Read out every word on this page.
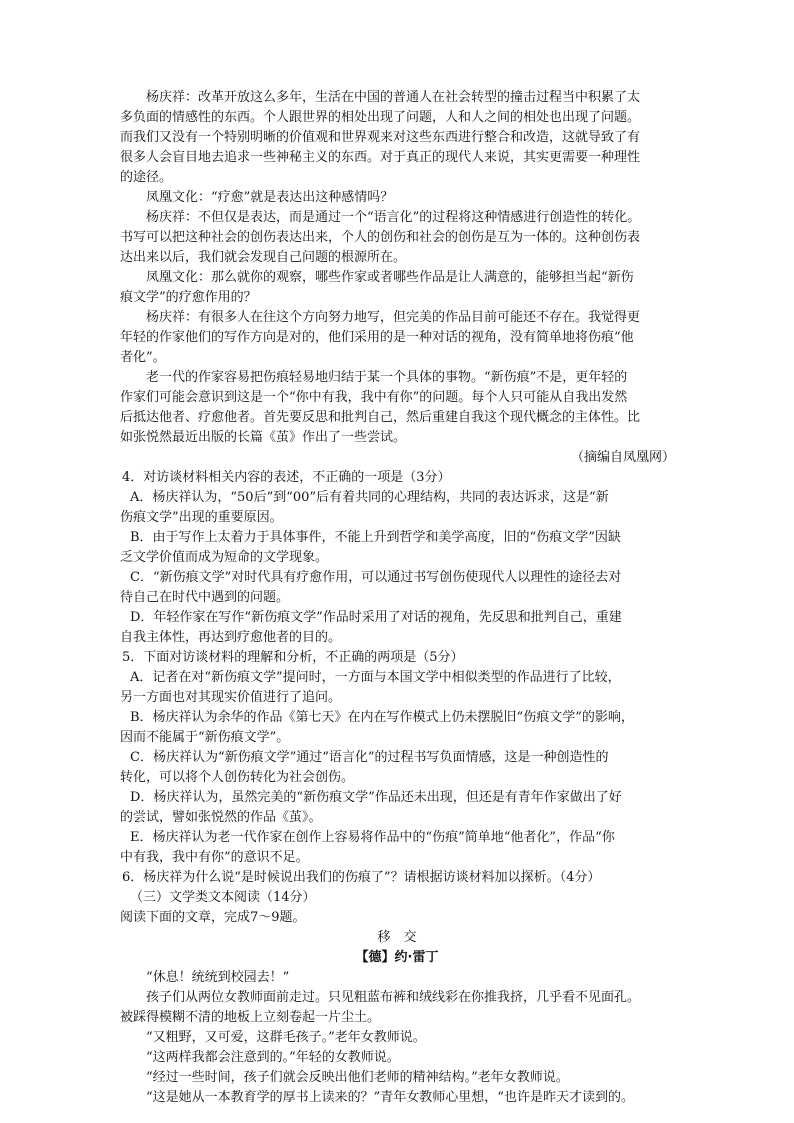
杨庆祥：改革开放这么多年，生活在中国的普通人在社会转型的撞击过程当中积累了太
多负面的情感性的东西。个人跟世界的相处出现了问题，人和人之间的相处也出现了问题。
而我们又没有一个特别明晰的价值观和世界观来对这些东西进行整合和改造，这就导致了有
很多人会盲目地去追求一些神秘主义的东西。对于真正的现代人来说，其实更需要一种理性
的途径。
凤凰文化：“疗愈”就是表达出这种感情吗？
杨庆祥：不但仅是表达，而是通过一个“语言化”的过程将这种情感进行创造性的转化。
书写可以把这种社会的创伤表达出来，个人的创伤和社会的创伤是互为一体的。这种创伤表
达出来以后，我们就会发现自己问题的根源所在。
凤凰文化：那么就你的观察，哪些作家或者哪些作品是让人满意的，能够担当起“新伤
痕文学”的疗愈作用的？
杨庆祥：有很多人在往这个方向努力地写，但完美的作品目前可能还不存在。我觉得更
年轻的作家他们的写作方向是对的，他们采用的是一种对话的视角，没有简单地将伤痕“他
者化”。
老一代的作家容易把伤痕轻易地归结于某一个具体的事物。“新伤痕”不是，更年轻的
作家们可能会意识到这是一个“你中有我，我中有你”的问题。每个人只可能从自我出发然
后抵达他者、疗愈他者。首先要反思和批判自己，然后重建自我这个现代概念的主体性。比
如张悦然最近出版的长篇《茧》作出了一些尝试。
（摘编自凤凰网）
4．对访谈材料相关内容的表述，不正确的一项是（3分）
A．杨庆祥认为，“50后”到“00”后有着共同的心理结构，共同的表达诉求，这是“新
伤痕文学”出现的重要原因。
B．由于写作上太着力于具体事件，不能上升到哲学和美学高度，旧的“伤痕文学”因缺
乏文学价值而成为短命的文学现象。
C．“新伤痕文学”对时代具有疗愈作用，可以通过书写创伤使现代人以理性的途径去对
待自己在时代中遇到的问题。
D．年轻作家在写作“新伤痕文学”作品时采用了对话的视角，先反思和批判自己，重建
自我主体性，再达到疗愈他者的目的。
5．下面对访谈材料的理解和分析，不正确的两项是（5分）
A．记者在对“新伤痕文学”提问时，一方面与本国文学中相似类型的作品进行了比较，
另一方面也对其现实价值进行了追问。
B．杨庆祥认为余华的作品《第七天》在内在写作模式上仍未摆脱旧“伤痕文学”的影响，
因而不能属于“新伤痕文学”。
C．杨庆祥认为“新伤痕文学”通过“语言化”的过程书写负面情感，这是一种创造性的
转化，可以将个人创伤转化为社会创伤。
D．杨庆祥认为，虽然完美的“新伤痕文学”作品还未出现，但还是有青年作家做出了好
的尝试，譬如张悦然的作品《茧》。
E．杨庆祥认为老一代作家在创作上容易将作品中的“伤痕”简单地“他者化”，作品“你
中有我，我中有你”的意识不足。
6．杨庆祥为什么说“是时候说出我们的伤痕了”？请根据访谈材料加以探析。（4分）
（三）文学类文本阅读（14分）
阅读下面的文章，完成7～9题。
移　交
【德】约·雷丁
“休息！统统到校园去！”
孩子们从两位女教师面前走过。只见粗蓝布裤和绒线彩在你推我挤，几乎看不见面孔。
被踩得模糊不清的地板上立刻卷起一片尘土。
“又粗野，又可爱，这群毛孩子。”老年女教师说。
“这两样我都会注意到的。”年轻的女教师说。
“经过一些时间，孩子们就会反映出他们老师的精神结构。”老年女教师说。
“这是她从一本教育学的厚书上读来的？”青年女教师心里想，“也许是昨天才读到的。
